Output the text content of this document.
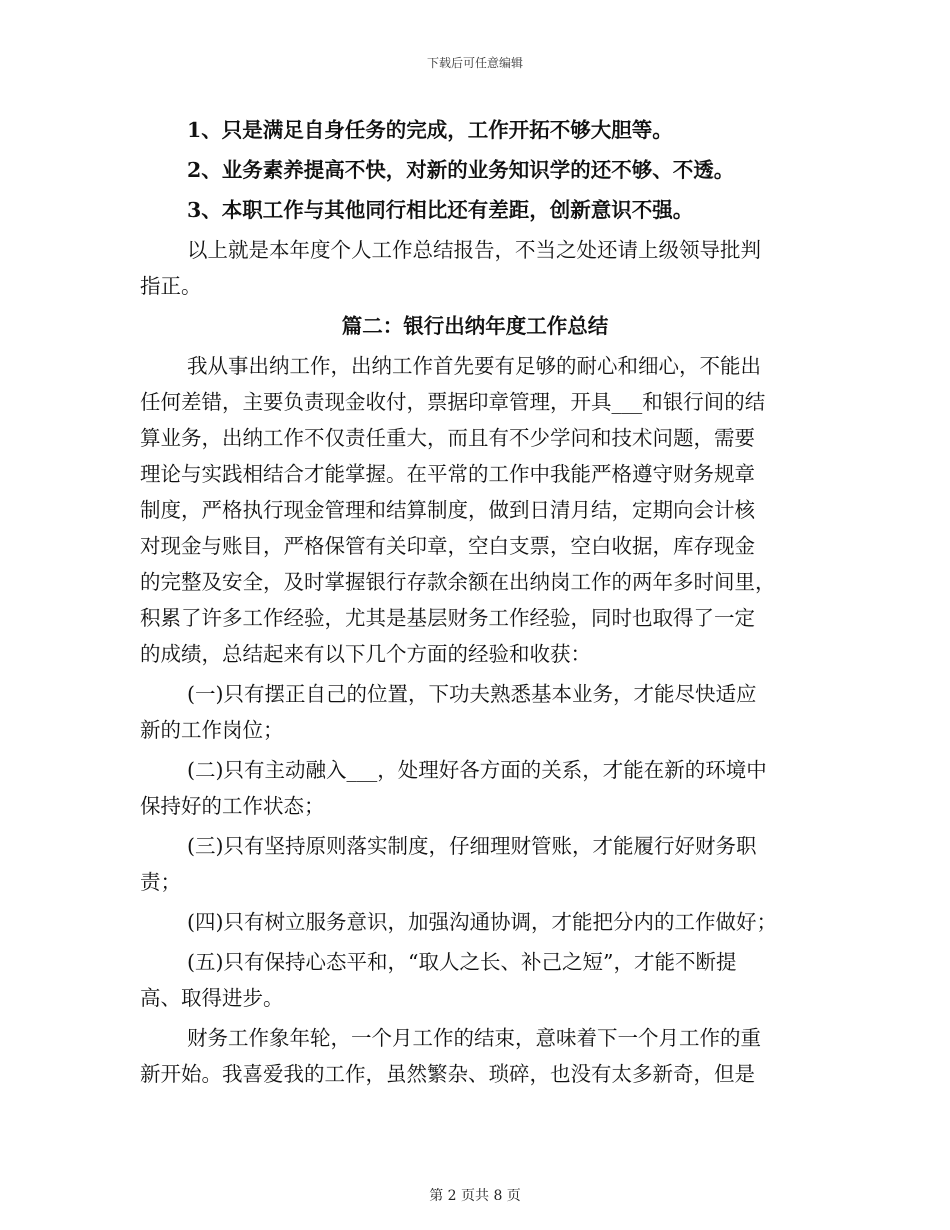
下载后可任意编辑
1、只是满足自身任务的完成，工作开拓不够大胆等。
2、业务素养提高不快，对新的业务知识学的还不够、不透。
3、本职工作与其他同行相比还有差距，创新意识不强。
以上就是本年度个人工作总结报告，不当之处还请上级领导批判
指正。
篇二：银行出纳年度工作总结
我从事出纳工作，出纳工作首先要有足够的耐心和细心，不能出
任何差错，主要负责现金收付，票据印章管理，开具___和银行间的结
算业务，出纳工作不仅责任重大，而且有不少学问和技术问题，需要
理论与实践相结合才能掌握。在平常的工作中我能严格遵守财务规章
制度，严格执行现金管理和结算制度，做到日清月结，定期向会计核
对现金与账目，严格保管有关印章，空白支票，空白收据，库存现金
的完整及安全，及时掌握银行存款余额在出纳岗工作的两年多时间里，
积累了许多工作经验，尤其是基层财务工作经验，同时也取得了一定
的成绩，总结起来有以下几个方面的经验和收获：
(一)只有摆正自己的位置，下功夫熟悉基本业务，才能尽快适应
新的工作岗位；
(二)只有主动融入___，处理好各方面的关系，才能在新的环境中
保持好的工作状态；
(三)只有坚持原则落实制度，仔细理财管账，才能履行好财务职
责；
(四)只有树立服务意识，加强沟通协调，才能把分内的工作做好；
(五)只有保持心态平和，“取人之长、补己之短”，才能不断提
高、取得进步。
财务工作象年轮，一个月工作的结束，意味着下一个月工作的重
新开始。我喜爱我的工作，虽然繁杂、琐碎，也没有太多新奇，但是
第 2 页共 8 页
